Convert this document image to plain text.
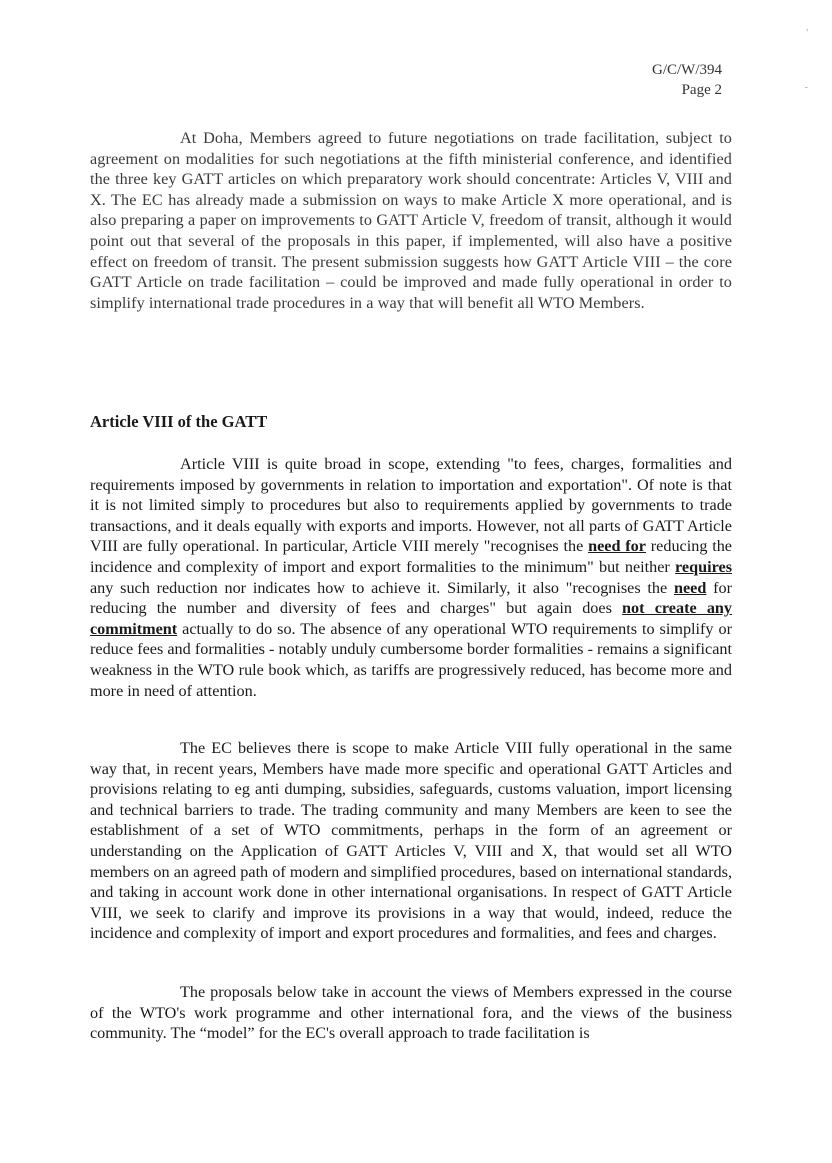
'
-
G/C/W/394
Page 2

At Doha, Members agreed to future negotiations on trade facilitation, subject to agreement on modalities for such negotiations at the fifth ministerial conference, and identified the three key GATT articles on which preparatory work should concentrate: Articles V, VIII and X. The EC has already made a submission on ways to make Article X more operational, and is also preparing a paper on improvements to GATT Article V, freedom of transit, although it would point out that several of the proposals in this paper, if implemented, will also have a positive effect on freedom of transit. The present submission suggests how GATT Article VIII – the core GATT Article on trade facilitation – could be improved and made fully operational in order to simplify international trade procedures in a way that will benefit all WTO Members.

Article VIII of the GATT

Article VIII is quite broad in scope, extending "to fees, charges, formalities and requirements imposed by governments in relation to importation and exportation". Of note is that it is not limited simply to procedures but also to requirements applied by governments to trade transactions, and it deals equally with exports and imports. However, not all parts of GATT Article VIII are fully operational. In particular, Article VIII merely "recognises the need for reducing the incidence and complexity of import and export formalities to the minimum" but neither requires any such reduction nor indicates how to achieve it. Similarly, it also "recognises the need for reducing the number and diversity of fees and charges" but again does not create any commitment actually to do so. The absence of any operational WTO requirements to simplify or reduce fees and formalities - notably unduly cumbersome border formalities - remains a significant weakness in the WTO rule book which, as tariffs are progressively reduced, has become more and more in need of attention.

The EC believes there is scope to make Article VIII fully operational in the same way that, in recent years, Members have made more specific and operational GATT Articles and provisions relating to eg anti dumping, subsidies, safeguards, customs valuation, import licensing and technical barriers to trade. The trading community and many Members are keen to see the establishment of a set of WTO commitments, perhaps in the form of an agreement or understanding on the Application of GATT Articles V, VIII and X, that would set all WTO members on an agreed path of modern and simplified procedures, based on international standards, and taking in account work done in other international organisations. In respect of GATT Article VIII, we seek to clarify and improve its provisions in a way that would, indeed, reduce the incidence and complexity of import and export procedures and formalities, and fees and charges.

The proposals below take in account the views of Members expressed in the course of the WTO's work programme and other international fora, and the views of the business community. The “model” for the EC's overall approach to trade facilitation is
